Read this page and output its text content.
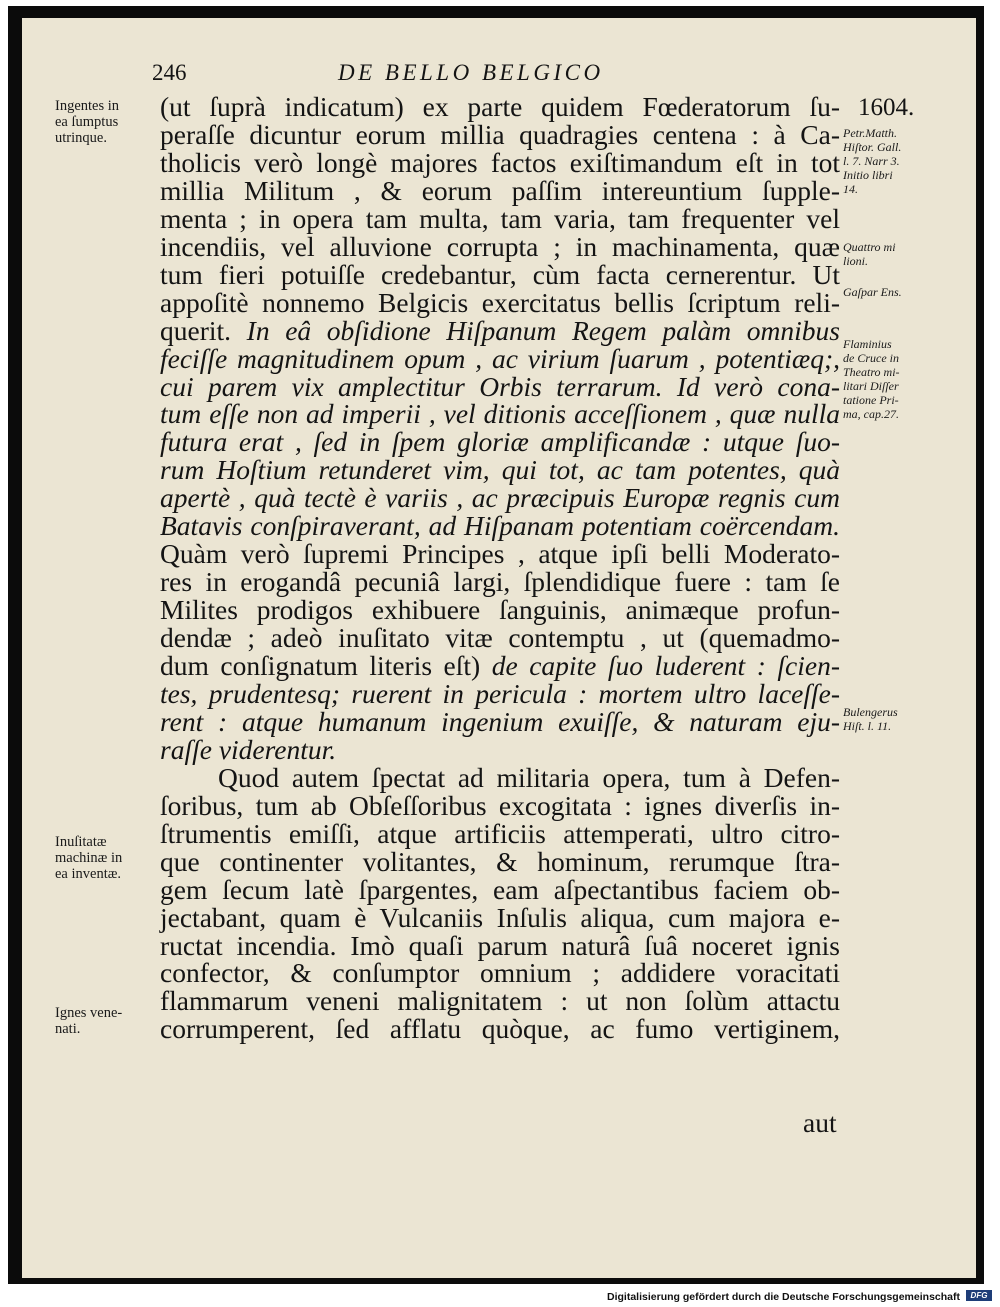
246	DE BELLO BELGICO
1604.
Ingentes in
ea ſumptus
utrinque.
Inuſitatæ
machinæ in
ea inventæ.
Ignes vene-
nati.
Petr.Matth.
Hiſtor. Gall.
l. 7. Narr 3.
Initio libri
14.
Quattro mi
lioni.
Gaſpar Ens.
Flaminius
de Cruce in
Theatro mi-
litari Diſſer
tatione Pri-
ma, cap.27.
Bulengerus
Hiſt. l. 11.
(ut ſuprà indicatum) ex parte quidem Fœderatorum ſu-
peraſſe dicuntur eorum millia quadragies centena : à Ca-
tholicis verò longè majores factos exiſtimandum eſt in tot
millia Militum , & eorum paſſim intereuntium ſupple-
menta ; in opera tam multa, tam varia, tam frequenter vel
incendiis, vel alluvione corrupta ; in machinamenta, quæ
tum fieri potuiſſe credebantur, cùm facta cernerentur. Ut
appoſitè nonnemo Belgicis exercitatus bellis ſcriptum reli-
querit. In eâ obſidione Hiſpanum Regem palàm omnibus
feciſſe magnitudinem opum , ac virium ſuarum , potentiæq;,
cui parem vix amplectitur Orbis terrarum. Id verò cona-
tum eſſe non ad imperii , vel ditionis acceſſionem , quæ nulla
futura erat , ſed in ſpem gloriæ amplificandæ : utque ſuo-
rum Hoſtium retunderet vim, qui tot, ac tam potentes, quà
apertè , quà tectè è variis , ac præcipuis Europæ regnis cum
Batavis conſpiraverant, ad Hiſpanam potentiam coërcendam.
Quàm verò ſupremi Principes , atque ipſi belli Moderato-
res in erogandâ pecuniâ largi, ſplendidique fuere : tam ſe
Milites prodigos exhibuere ſanguinis, animæque profun-
dendæ ; adeò inuſitato vitæ contemptu , ut (quemadmo-
dum conſignatum literis eſt) de capite ſuo luderent : ſcien-
tes, prudentesq; ruerent in pericula : mortem ultro laceſſe-
rent : atque humanum ingenium exuiſſe, & naturam eju-
raſſe viderentur.
Quod autem ſpectat ad militaria opera, tum à Defen-
ſoribus, tum ab Obſeſſoribus excogitata : ignes diverſis in-
ſtrumentis emiſſi, atque artificiis attemperati, ultro citro-
que continenter volitantes, & hominum, rerumque ſtra-
gem ſecum latè ſpargentes, eam aſpectantibus faciem ob-
jectabant, quam è Vulcaniis Inſulis aliqua, cum majora e-
ructat incendia. Imò quaſi parum naturâ ſuâ noceret ignis
confector, & conſumptor omnium ; addidere voracitati
flammarum veneni malignitatem : ut non ſolùm attactu
corrumperent, ſed afflatu quòque, ac fumo vertiginem,
aut
Digitalisierung gefördert durch die Deutsche Forschungsgemeinschaft	DFG
